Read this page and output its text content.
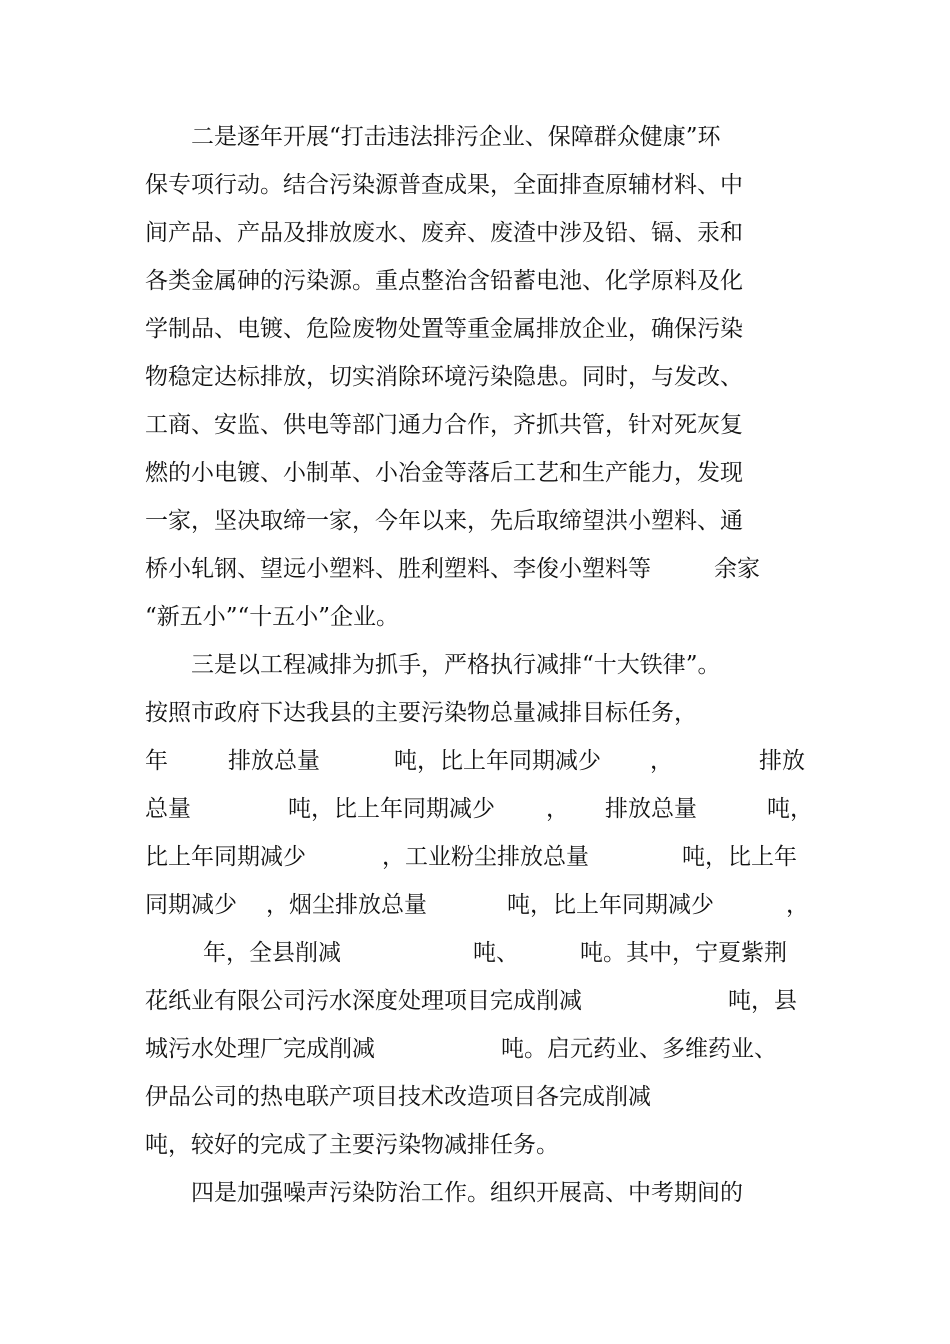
二是逐年开展“打击违法排污企业、保障群众健康”环
保专项行动。结合污染源普查成果，全面排查原辅材料、中
间产品、产品及排放废水、废弃、废渣中涉及铅、镉、汞和
各类金属砷的污染源。重点整治含铅蓄电池、化学原料及化
学制品、电镀、危险废物处置等重金属排放企业，确保污染
物稳定达标排放，切实消除环境污染隐患。同时，与发改、
工商、安监、供电等部门通力合作，齐抓共管，针对死灰复
燃的小电镀、小制革、小冶金等落后工艺和生产能力，发现
一家，坚决取缔一家，今年以来，先后取缔望洪小塑料、通

桥小轧钢、望远小塑料、胜利塑料、李俊小塑料等

	余家

“新五小”“十五小”企业。
三是以工程减排为抓手，严格执行减排“十大铁律”。
按照市政府下达我县的主要污染物总量减排目标任务，

年

	排放总量

	吨，比上年同期减少

，

	排放

总量

	吨，比上年同期减少

，

排放总量

	吨，

比上年同期减少

	，工业粉尘排放总量

	吨，比上年

同期减少

，烟尘排放总量

	吨，比上年同期减少

	，

年，全县削减

	吨、

	吨。其中，宁夏紫荆

花纸业有限公司污水深度处理项目完成削减

	吨，县

城污水处理厂完成削减

	吨。启元药业、多维药业、

伊品公司的热电联产项目技术改造项目各完成削减
吨，较好的完成了主要污染物减排任务。
四是加强噪声污染防治工作。组织开展高、中考期间的
